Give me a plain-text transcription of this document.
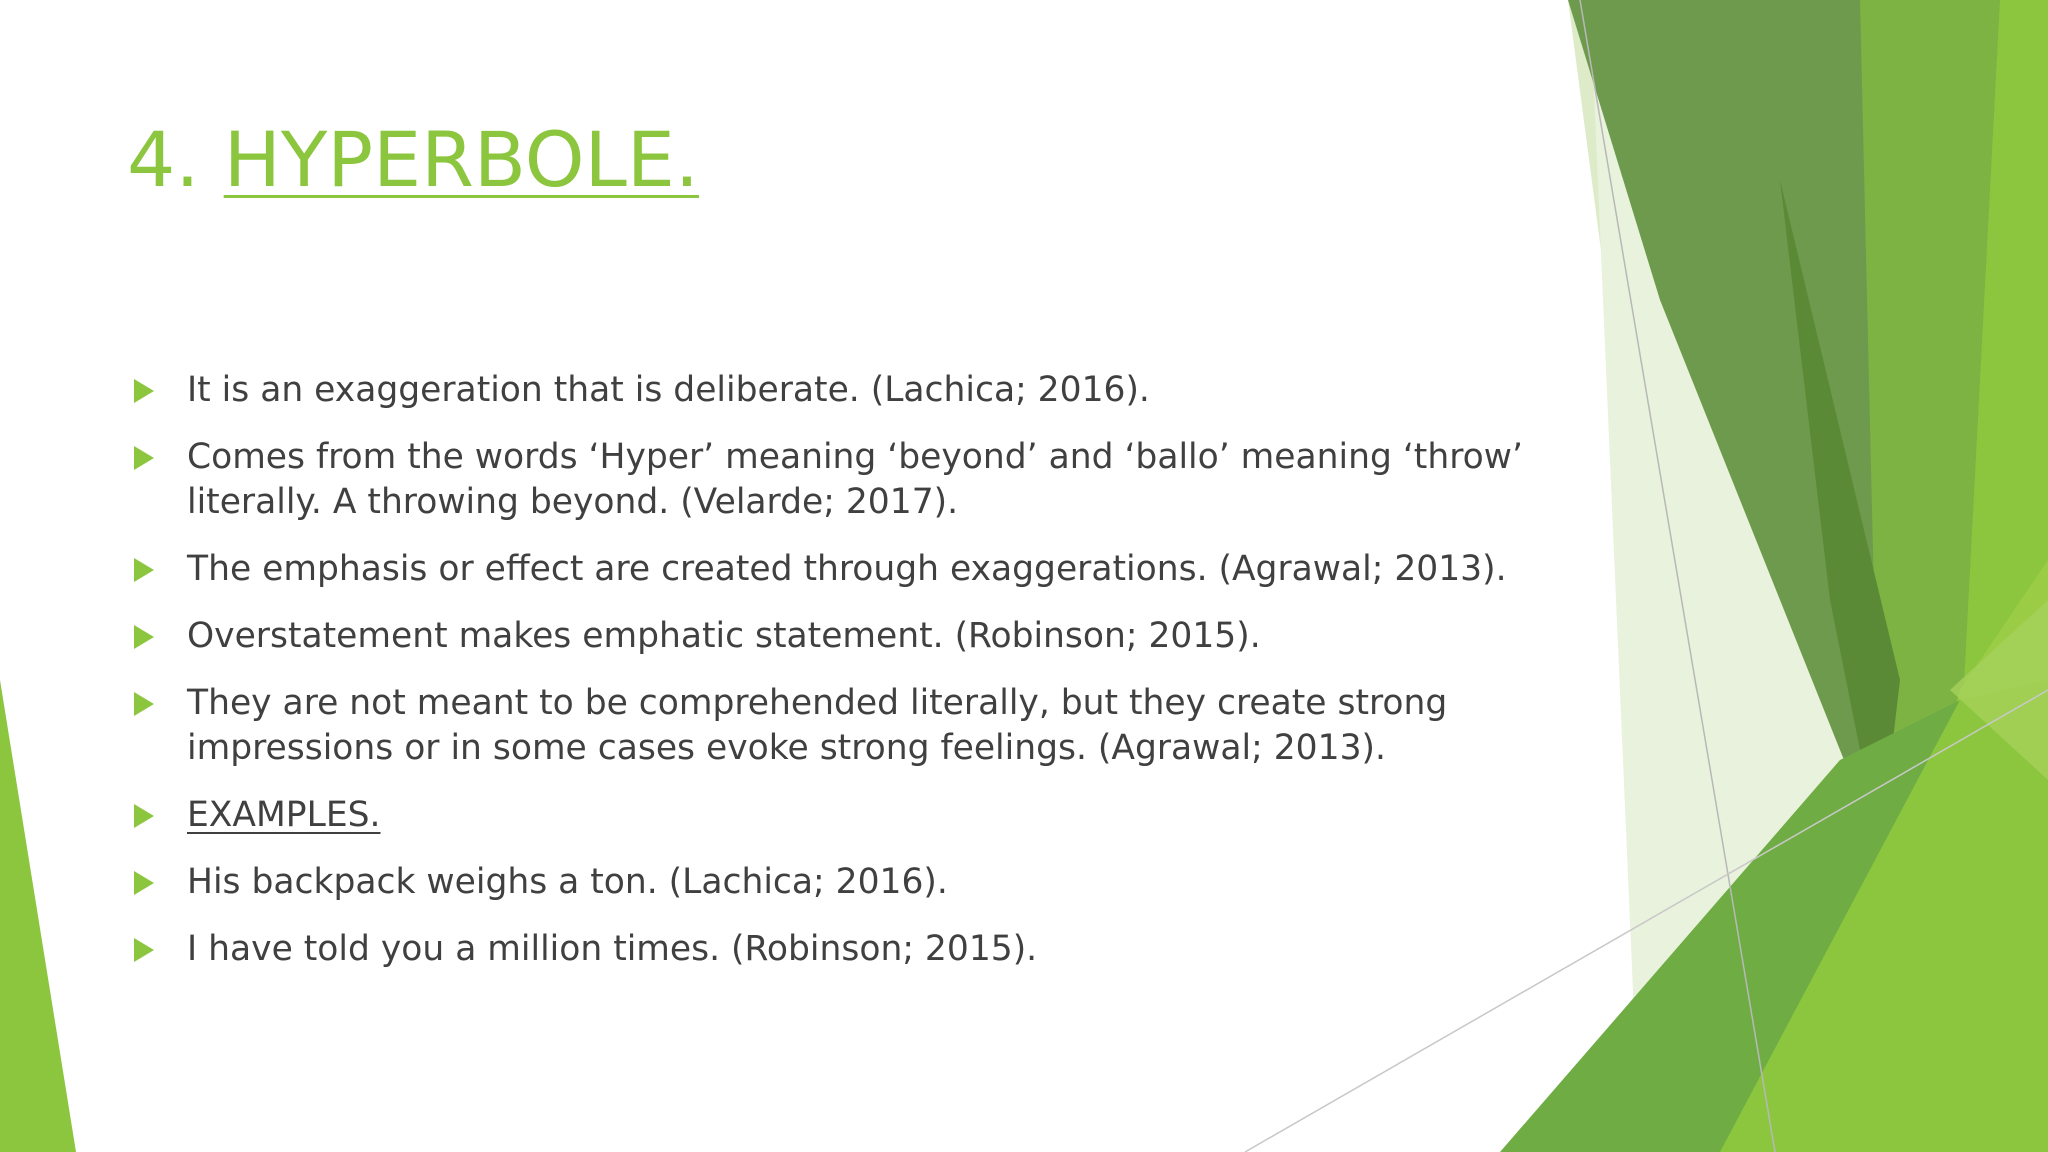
4. HYPERBOLE.
It is an exaggeration that is deliberate. (Lachica; 2016).
Comes from the words ‘Hyper’ meaning ‘beyond’ and ‘ballo’ meaning ‘throw’ literally. A throwing beyond. (Velarde; 2017).
The emphasis or effect are created through exaggerations. (Agrawal; 2013).
Overstatement makes emphatic statement. (Robinson; 2015).
They are not meant to be comprehended literally, but they create strong impressions or in some cases evoke strong feelings. (Agrawal; 2013).
EXAMPLES.
His backpack weighs a ton. (Lachica; 2016).
I have told you a million times. (Robinson; 2015).
